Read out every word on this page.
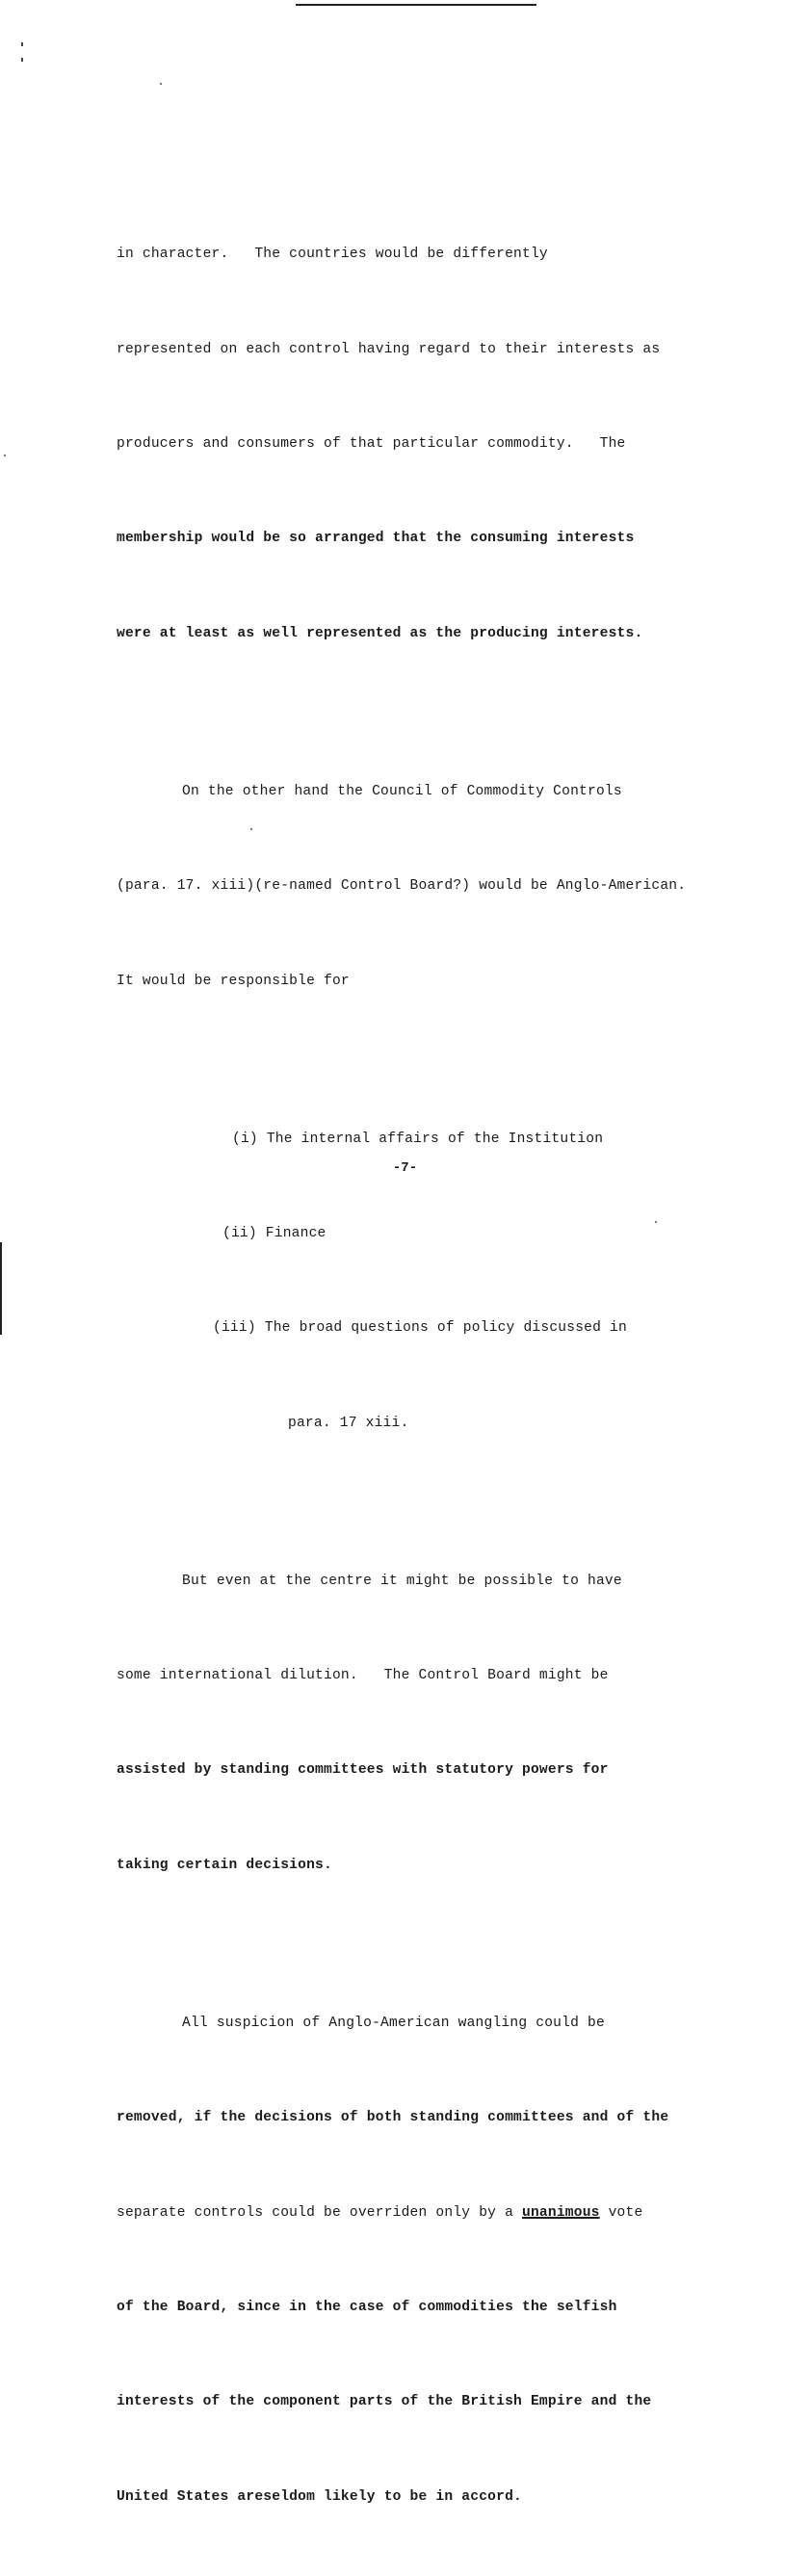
in character.   The countries would be differently

represented on each control having regard to their interests as

producers and consumers of that particular commodity.   The

membership would be so arranged that the consuming interests

were at least as well represented as the producing interests.

On the other hand the Council of Commodity Controls

(para. 17. xiii)(re-named Control Board?) would be Anglo-American.

It would be responsible for

(i) The internal affairs of the Institution

(ii) Finance

(iii) The broad questions of policy discussed in

para. 17 xiii.

But even at the centre it might be possible to have

some international dilution.   The Control Board might be

assisted by standing committees with statutory powers for

taking certain decisions.

All suspicion of Anglo-American wangling could be

removed, if the decisions of both standing committees and of the

separate controls could be overriden only by a unanimous vote

of the Board, since in the case of commodities the selfish

interests of the component parts of the British Empire and the

United States areseldom likely to be in accord.

-7-
